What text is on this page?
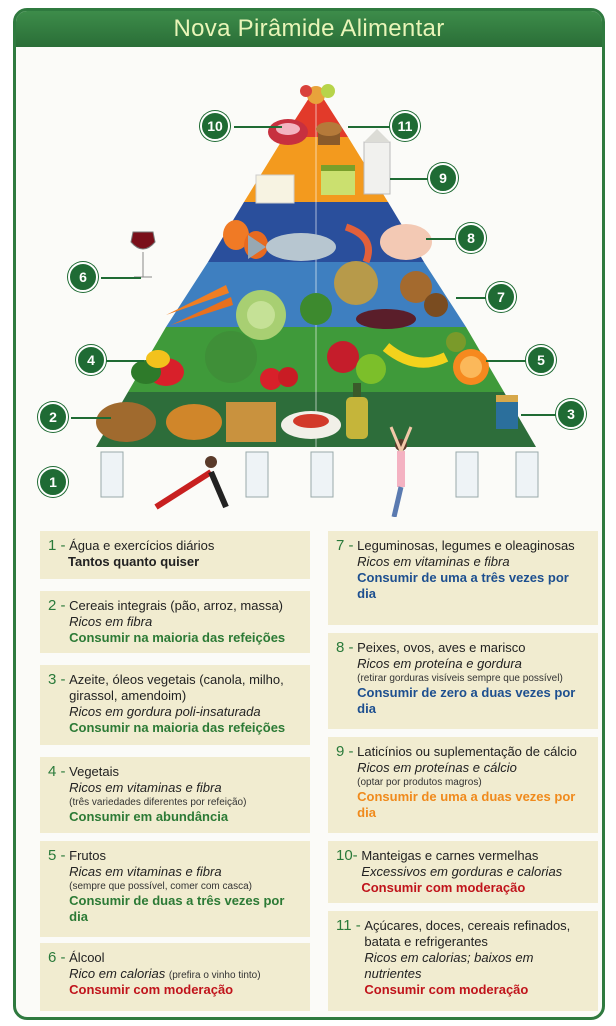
Nova Pirâmide Alimentar
10	11
9
8
6
7
4	5
2	3
1
1 -
Água e exercícios diários
Tantos quanto quiser
2 -
Cereais integrais (pão, arroz, massa)
Ricos em fibra
Consumir na maioria das refeições
3 -
Azeite, óleos vegetais (canola, milho, girassol, amendoim)
Ricos em gordura poli-insaturada
Consumir na maioria das refeições
4 -
Vegetais
Ricos em vitaminas e fibra
(três variedades diferentes por refeição)
Consumir em abundância
5 -
Frutos
Ricas em vitaminas e fibra
(sempre que possível, comer com casca)
Consumir de duas a três vezes por dia
6 -
Álcool
Rico em calorias (prefira o vinho tinto)
Consumir com moderação
7 -
Leguminosas, legumes e oleaginosas
Ricos em vitaminas e fibra
Consumir de uma a três vezes por dia
8 -
Peixes, ovos, aves e marisco
Ricos em proteína e gordura
(retirar gorduras visíveis sempre que possível)
Consumir de zero a duas vezes por dia
9 -
Laticínios ou suplementação de cálcio
Ricos em proteínas e cálcio
(optar por produtos magros)
Consumir de uma a duas vezes por dia
10-
Manteigas e carnes vermelhas
Excessivos em gorduras e calorias
Consumir com moderação
11 -
Açúcares, doces, cereais refinados, batata e refrigerantes
Ricos em calorias; baixos em nutrientes
Consumir com moderação
